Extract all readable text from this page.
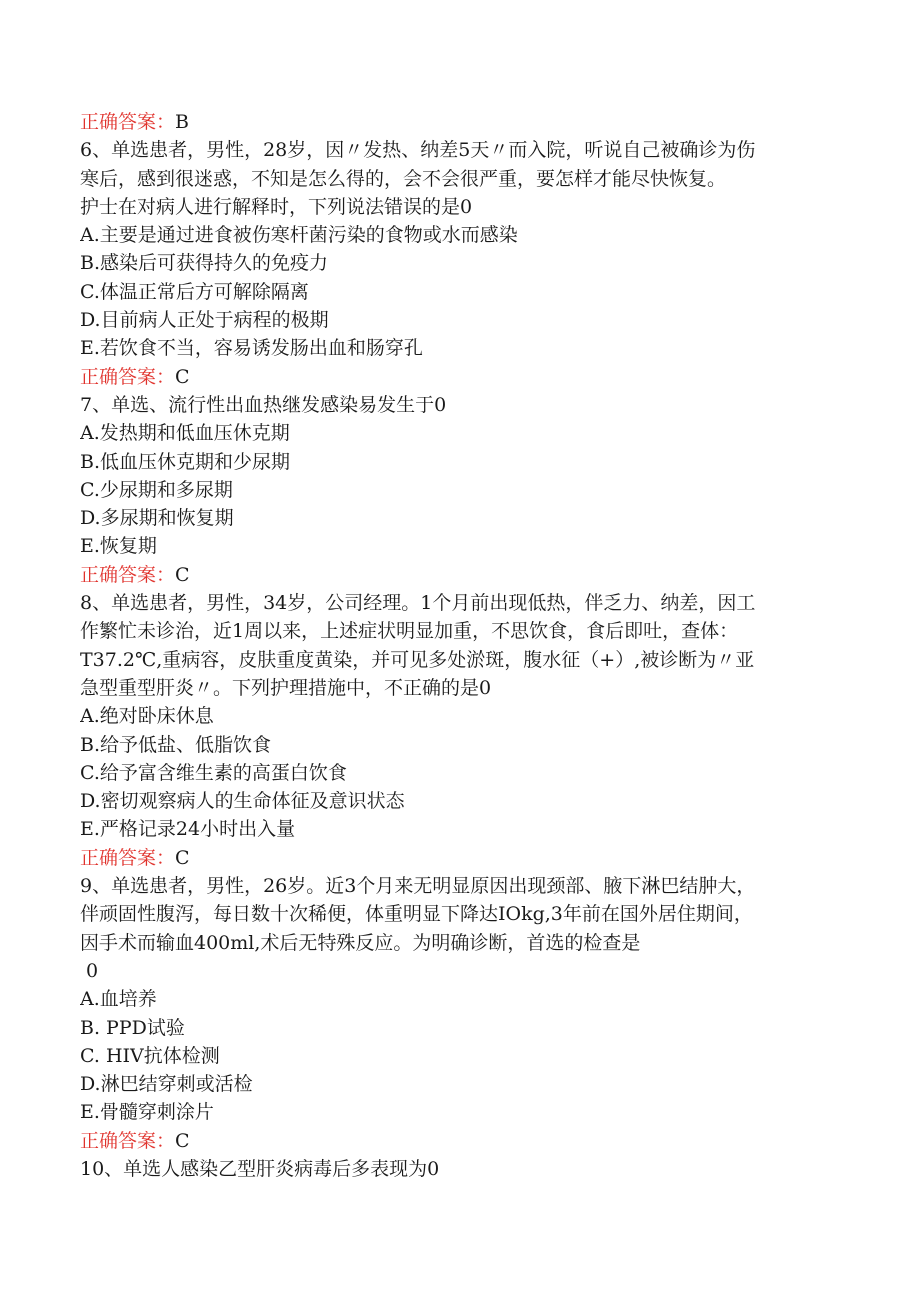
正确答案：B
6、单选患者，男性，28岁，因〃发热、纳差5天〃而入院，听说自己被确诊为伤
寒后，感到很迷惑，不知是怎么得的，会不会很严重，要怎样才能尽快恢复。
护士在对病人进行解释时，下列说法错误的是0
A.主要是通过进食被伤寒杆菌污染的食物或水而感染
B.感染后可获得持久的免疫力
C.体温正常后方可解除隔离
D.目前病人正处于病程的极期
E.若饮食不当，容易诱发肠出血和肠穿孔
正确答案：C
7、单选、流行性出血热继发感染易发生于0
A.发热期和低血压休克期
B.低血压休克期和少尿期
C.少尿期和多尿期
D.多尿期和恢复期
E.恢复期
正确答案：C
8、单选患者，男性，34岁，公司经理。1个月前出现低热，伴乏力、纳差，因工
作繁忙未诊治，近1周以来，上述症状明显加重，不思饮食，食后即吐，查体：
T37.2℃,重病容，皮肤重度黄染，并可见多处淤斑，腹水征（+）,被诊断为〃亚
急型重型肝炎〃。下列护理措施中，不正确的是0
A.绝对卧床休息
B.给予低盐、低脂饮食
C.给予富含维生素的高蛋白饮食
D.密切观察病人的生命体征及意识状态
E.严格记录24小时出入量
正确答案：C
9、单选患者，男性，26岁。近3个月来无明显原因出现颈部、腋下淋巴结肿大，
伴顽固性腹泻，每日数十次稀便，体重明显下降达IOkg,3年前在国外居住期间，
因手术而输血400ml,术后无特殊反应。为明确诊断，首选的检查是
0
A.血培养
B. PPD试验
C. HIV抗体检测
D.淋巴结穿刺或活检
E.骨髓穿刺涂片
正确答案：C
10、单选人感染乙型肝炎病毒后多表现为0
